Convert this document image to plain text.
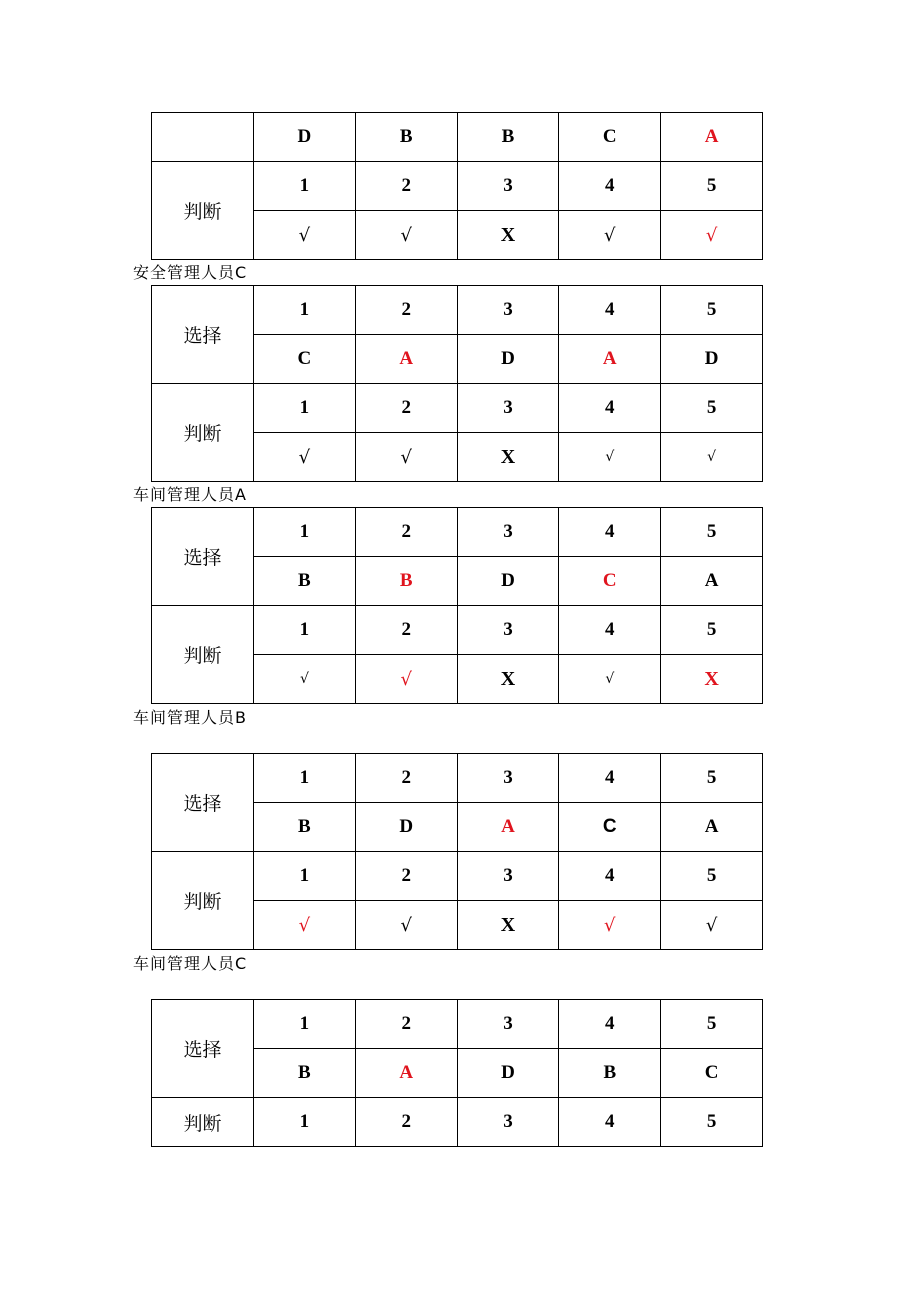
	D	B	B	C	A
判断	1	2	3	4	5
	√	√	X	√	√
安全管理人员C
选择	1	2	3	4	5
	C	A	D	A	D
判断	1	2	3	4	5
	√	√	X	√	√
车间管理人员A
选择	1	2	3	4	5
	B	B	D	C	A
判断	1	2	3	4	5
	√	√	X	√	X
车间管理人员B
选择	1	2	3	4	5
	B	D	A	C	A
判断	1	2	3	4	5
	√	√	X	√	√
车间管理人员C
选择	1	2	3	4	5
	B	A	D	B	C
判断	1	2	3	4	5
